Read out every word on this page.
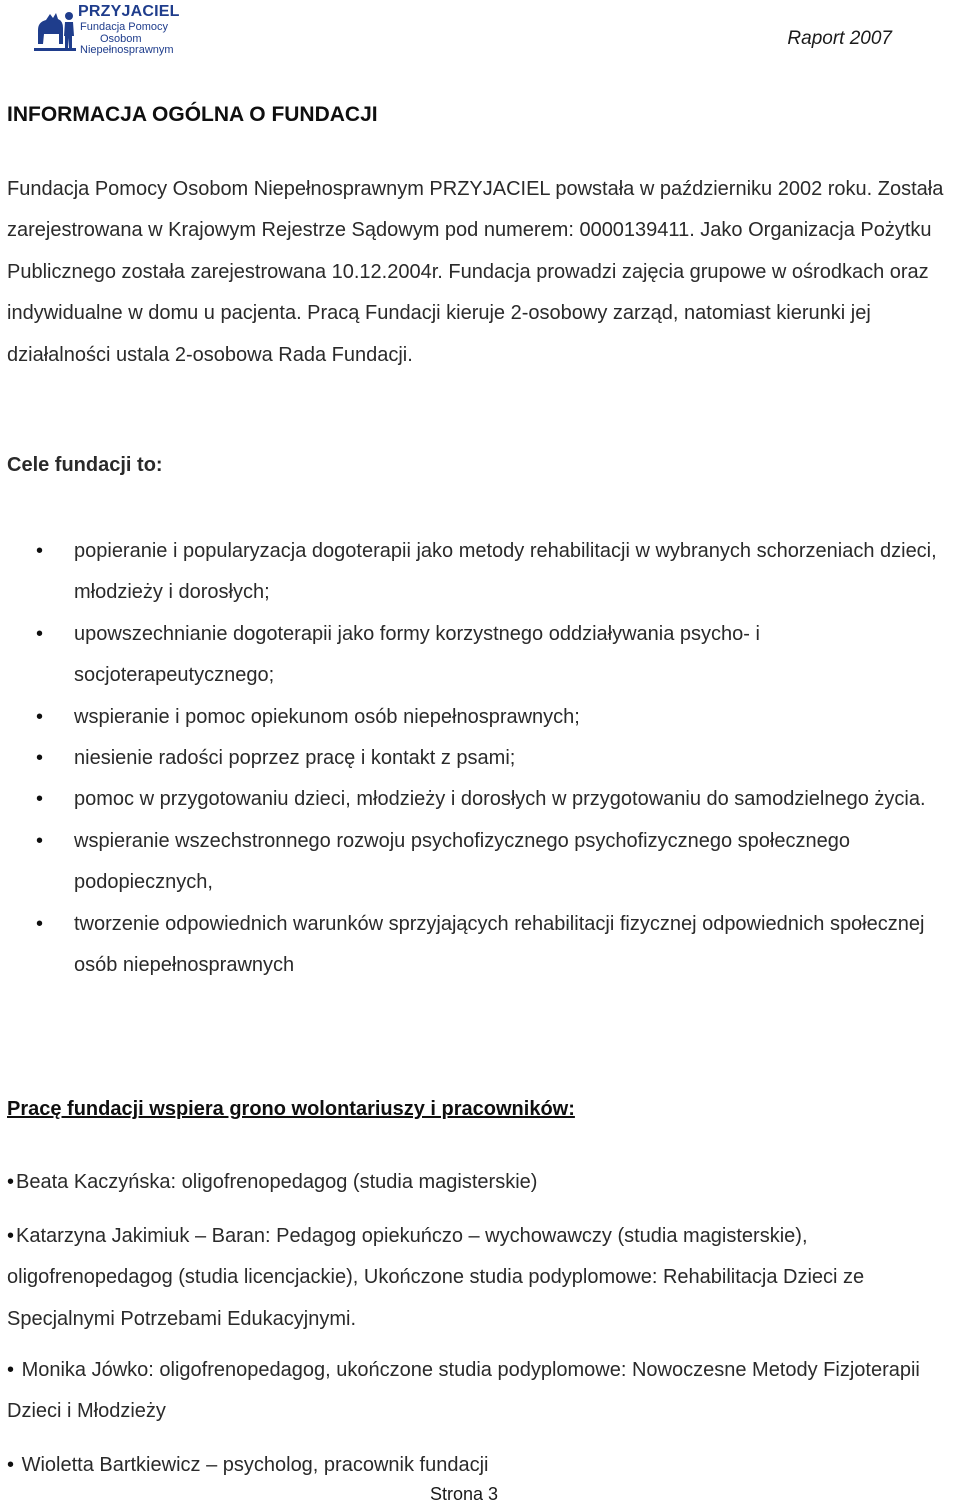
PRZYJACIEL
Fundacja Pomocy
Osobom
Niepełnosprawnym
Raport 2007
INFORMACJA OGÓLNA O FUNDACJI

Fundacja Pomocy Osobom Niepełnosprawnym PRZYJACIEL powstała w październiku 2002 roku. Została zarejestrowana w Krajowym Rejestrze Sądowym pod numerem: 0000139411. Jako Organizacja Pożytku Publicznego została zarejestrowana 10.12.2004r. Fundacja prowadzi zajęcia grupowe w ośrodkach oraz indywidualne w domu u pacjenta. Pracą Fundacji kieruje 2-osobowy zarząd, natomiast kierunki jej działalności ustala 2-osobowa Rada Fundacji.

Cele fundacji to:
• popieranie i popularyzacja dogoterapii jako metody rehabilitacji w wybranych schorzeniach dzieci, młodzieży i dorosłych;
• upowszechnianie dogoterapii jako formy korzystnego oddziaływania psycho- i socjoterapeutycznego;
• wspieranie i pomoc opiekunom osób niepełnosprawnych;
• niesienie radości poprzez pracę i kontakt z psami;
• pomoc w przygotowaniu dzieci, młodzieży i dorosłych w przygotowaniu do samodzielnego życia.
• wspieranie wszechstronnego rozwoju psychofizycznego psychofizycznego społecznego podopiecznych,
• tworzenie odpowiednich warunków sprzyjających rehabilitacji fizycznej odpowiednich społecznej osób niepełnosprawnych
Pracę fundacji wspiera grono wolontariuszy i pracowników:

• Beata Kaczyńska: oligofrenopedagog (studia magisterskie)

• Katarzyna Jakimiuk – Baran: Pedagog opiekuńczo – wychowawczy (studia magisterskie), oligofrenopedagog (studia licencjackie), Ukończone studia podyplomowe: Rehabilitacja Dzieci ze Specjalnymi Potrzebami Edukacyjnymi.

• Monika Jówko: oligofrenopedagog, ukończone studia podyplomowe: Nowoczesne Metody Fizjoterapii Dzieci i Młodzieży

• Wioletta Bartkiewicz – psycholog, pracownik fundacji

Strona 3
